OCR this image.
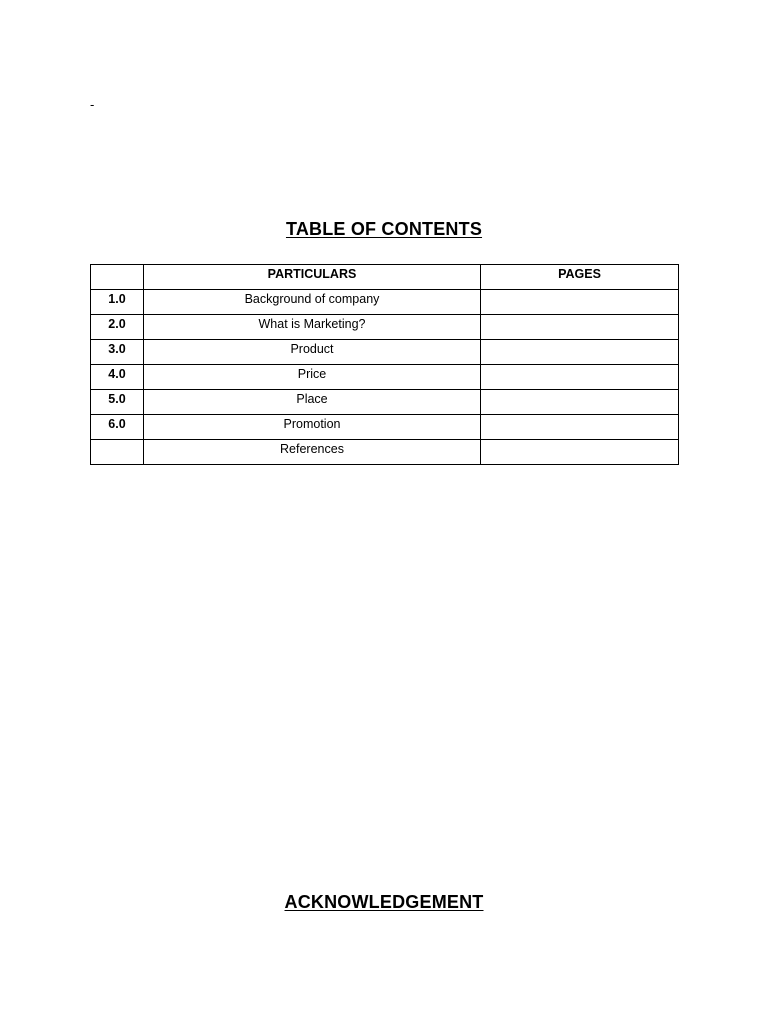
-
TABLE OF CONTENTS
	PARTICULARS	PAGES
1.0	Background of company	
2.0	What is Marketing?	
3.0	Product	
4.0	Price	
5.0	Place	
6.0	Promotion	
	References	
ACKNOWLEDGEMENT
